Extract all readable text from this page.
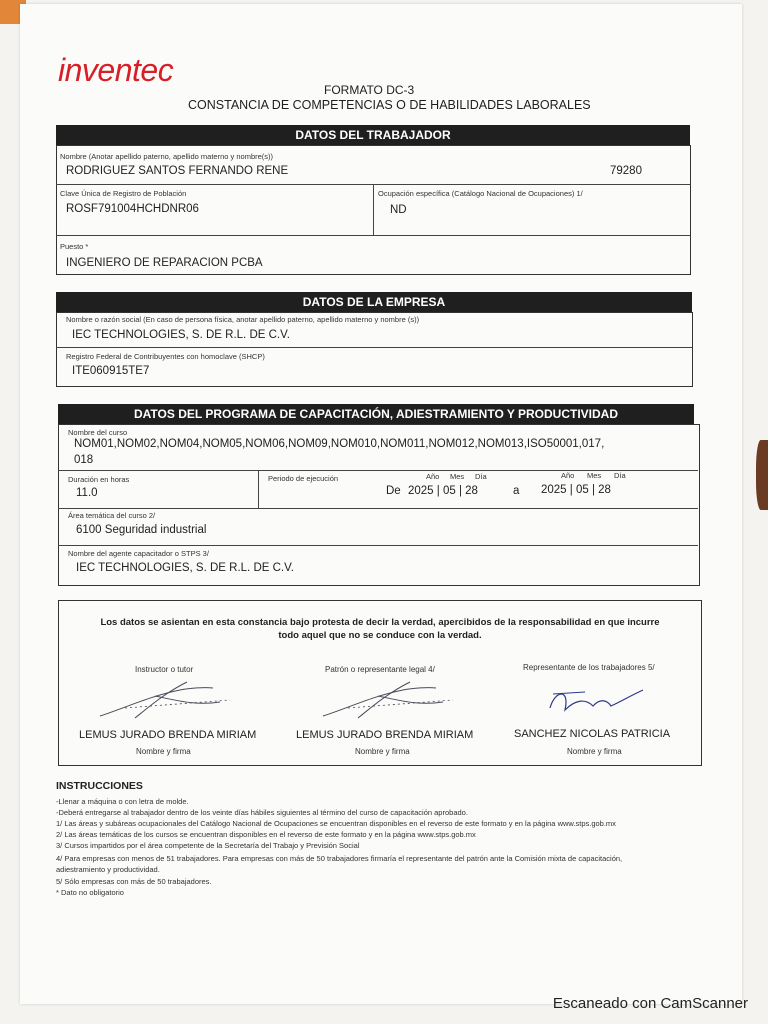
inventec
FORMATO DC-3
CONSTANCIA DE COMPETENCIAS O DE HABILIDADES LABORALES
DATOS DEL TRABAJADOR
Nombre (Anotar apellido paterno, apellido materno y nombre(s))
RODRIGUEZ SANTOS FERNANDO RENE	79280
Clave Única de Registro de Población
ROSF791004HCHDNR06
Ocupación específica (Catálogo Nacional de Ocupaciones) 1/
ND
Puesto *
INGENIERO DE REPARACION PCBA
DATOS DE LA EMPRESA
Nombre o razón social (En caso de persona física, anotar apellido paterno, apellido materno y nombre (s))
IEC TECHNOLOGIES, S. DE R.L. DE C.V.
Registro Federal de Contribuyentes con homoclave (SHCP)
ITE060915TE7
DATOS DEL PROGRAMA DE CAPACITACIÓN, ADIESTRAMIENTO Y PRODUCTIVIDAD
Nombre del curso
NOM01,NOM02,NOM04,NOM05,NOM06,NOM09,NOM010,NOM011,NOM012,NOM013,ISO50001,017,
018
Duración en horas
11.0
Periodo de ejecución	Año Mes Día
De 2025 | 05 | 28	a
Año Mes Día
2025 | 05 | 28
Área temática del curso 2/
6100 Seguridad industrial
Nombre del agente capacitador o STPS 3/
IEC TECHNOLOGIES, S. DE R.L. DE C.V.
Los datos se asientan en esta constancia bajo protesta de decir la verdad, apercibidos de la responsabilidad en que incurre
todo aquel que no se conduce con la verdad.
Instructor o tutor
LEMUS JURADO BRENDA MIRIAM
Nombre y firma
Patrón o representante legal 4/
LEMUS JURADO BRENDA MIRIAM
Nombre y firma
Representante de los trabajadores 5/
SANCHEZ NICOLAS PATRICIA
Nombre y firma
INSTRUCCIONES
-Llenar a máquina o con letra de molde.
-Deberá entregarse al trabajador dentro de los veinte días hábiles siguientes al término del curso de capacitación aprobado.
1/ Las áreas y subáreas ocupacionales del Catálogo Nacional de Ocupaciones se encuentran disponibles en el reverso de este formato y en la página www.stps.gob.mx
2/ Las áreas temáticas de los cursos se encuentran disponibles en el reverso de este formato y en la página www.stps.gob.mx
3/ Cursos impartidos por el área competente de la Secretaría del Trabajo y Previsión Social
4/ Para empresas con menos de 51 trabajadores. Para empresas con más de 50 trabajadores firmaría el representante del patrón ante la Comisión mixta de capacitación,
adiestramiento y productividad.
5/ Sólo empresas con más de 50 trabajadores.
* Dato no obligatorio
Escaneado con CamScanner
